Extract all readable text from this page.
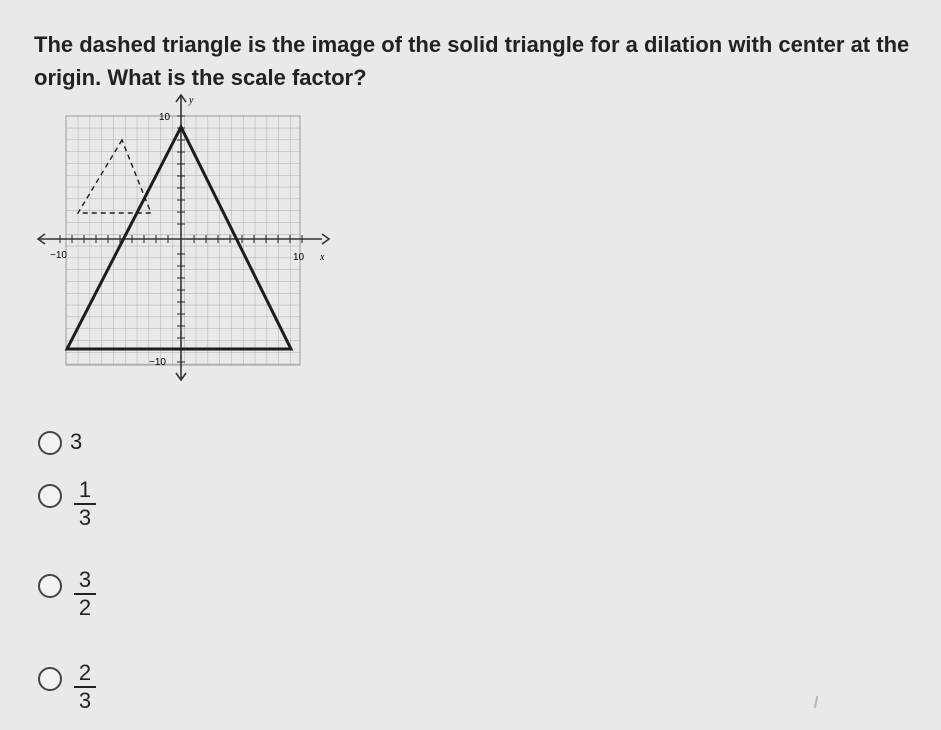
The dashed triangle is the image of the solid triangle for a dilation with center at the origin. What is the scale factor?

y
x
10
−10	10
−10
3
1
3
3
2
2
3
